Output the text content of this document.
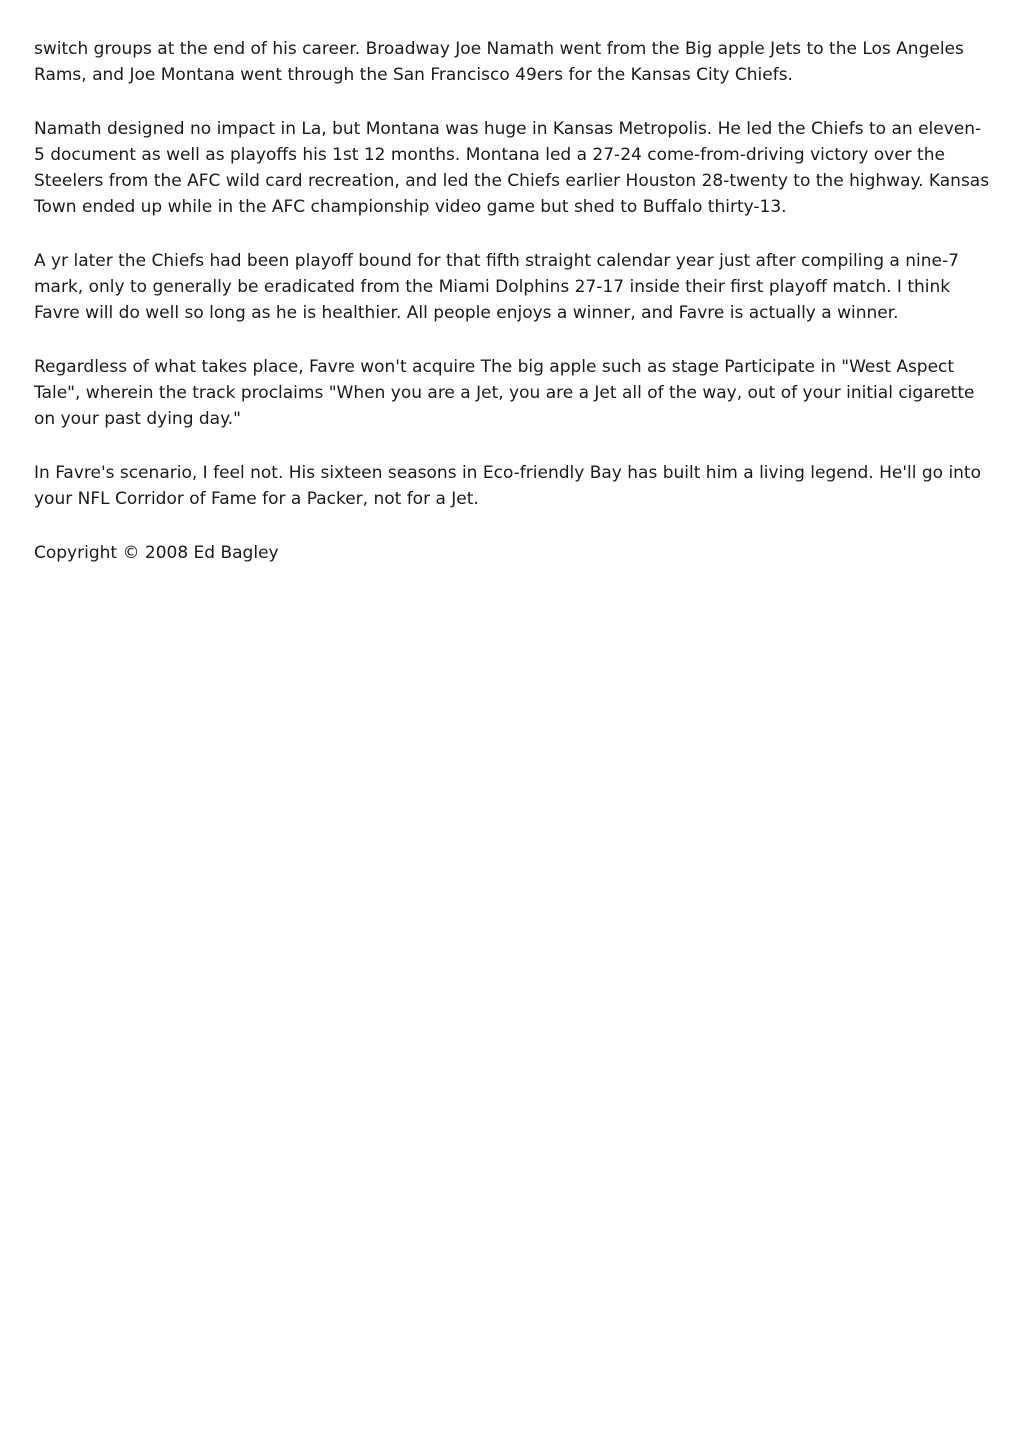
switch groups at the end of his career. Broadway Joe Namath went from the Big apple Jets to the Los Angeles Rams, and Joe Montana went through the San Francisco 49ers for the Kansas City Chiefs.

Namath designed no impact in La, but Montana was huge in Kansas Metropolis. He led the Chiefs to an eleven-5 document as well as playoffs his 1st 12 months. Montana led a 27-24 come-from-driving victory over the Steelers from the AFC wild card recreation, and led the Chiefs earlier Houston 28-twenty to the highway. Kansas Town ended up while in the AFC championship video game but shed to Buffalo thirty-13.

A yr later the Chiefs had been playoff bound for that fifth straight calendar year just after compiling a nine-7 mark, only to generally be eradicated from the Miami Dolphins 27-17 inside their first playoff match. I think Favre will do well so long as he is healthier. All people enjoys a winner, and Favre is actually a winner.

Regardless of what takes place, Favre won't acquire The big apple such as stage Participate in "West Aspect Tale", wherein the track proclaims "When you are a Jet, you are a Jet all of the way, out of your initial cigarette on your past dying day."

In Favre's scenario, I feel not. His sixteen seasons in Eco-friendly Bay has built him a living legend. He'll go into your NFL Corridor of Fame for a Packer, not for a Jet.

Copyright © 2008 Ed Bagley
